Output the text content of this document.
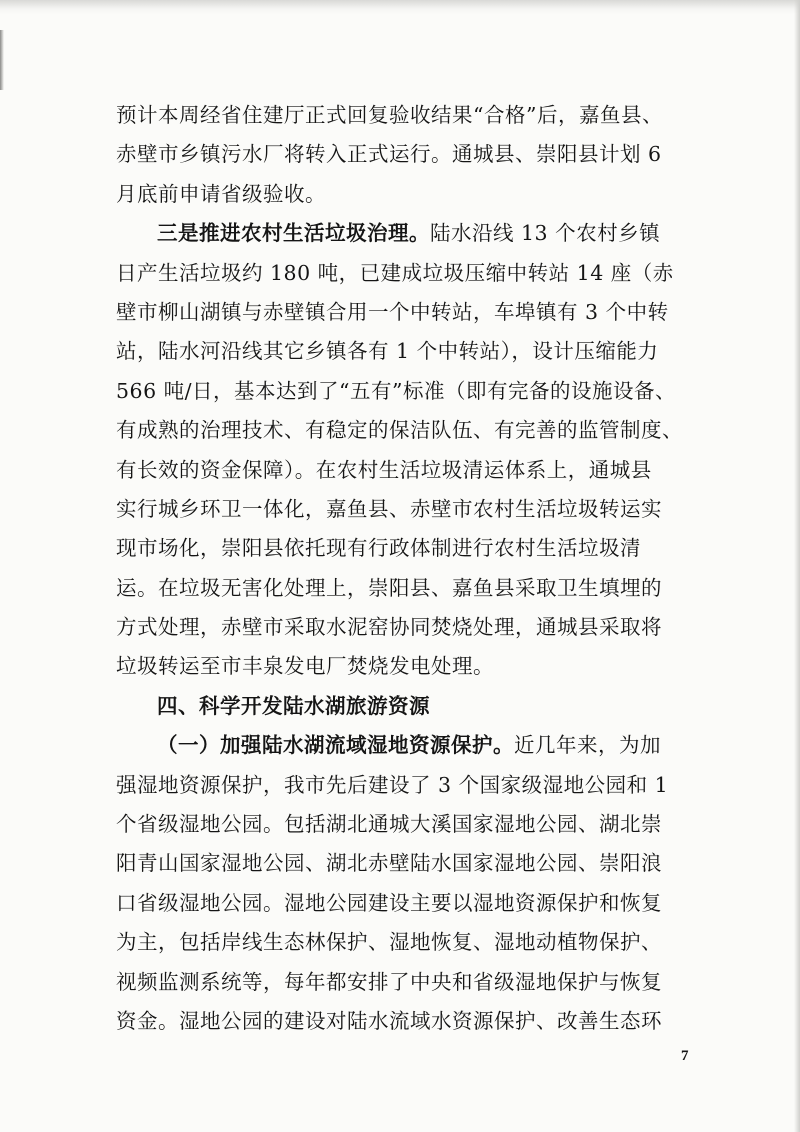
预计本周经省住建厅正式回复验收结果“合格”后，嘉鱼县、
赤壁市乡镇污水厂将转入正式运行。通城县、崇阳县计划 6
月底前申请省级验收。
三是推进农村生活垃圾治理。陆水沿线 13 个农村乡镇
日产生活垃圾约 180 吨，已建成垃圾压缩中转站 14 座（赤
壁市柳山湖镇与赤壁镇合用一个中转站，车埠镇有 3 个中转
站，陆水河沿线其它乡镇各有 1 个中转站），设计压缩能力
566 吨/日，基本达到了“五有”标准（即有完备的设施设备、
有成熟的治理技术、有稳定的保洁队伍、有完善的监管制度、
有长效的资金保障）。在农村生活垃圾清运体系上，通城县
实行城乡环卫一体化，嘉鱼县、赤壁市农村生活垃圾转运实
现市场化，崇阳县依托现有行政体制进行农村生活垃圾清
运。在垃圾无害化处理上，崇阳县、嘉鱼县采取卫生填埋的
方式处理，赤壁市采取水泥窑协同焚烧处理，通城县采取将
垃圾转运至市丰泉发电厂焚烧发电处理。
四、科学开发陆水湖旅游资源
（一）加强陆水湖流域湿地资源保护。近几年来，为加
强湿地资源保护，我市先后建设了 3 个国家级湿地公园和 1
个省级湿地公园。包括湖北通城大溪国家湿地公园、湖北崇
阳青山国家湿地公园、湖北赤壁陆水国家湿地公园、崇阳浪
口省级湿地公园。湿地公园建设主要以湿地资源保护和恢复
为主，包括岸线生态林保护、湿地恢复、湿地动植物保护、
视频监测系统等，每年都安排了中央和省级湿地保护与恢复
资金。湿地公园的建设对陆水流域水资源保护、改善生态环
7
